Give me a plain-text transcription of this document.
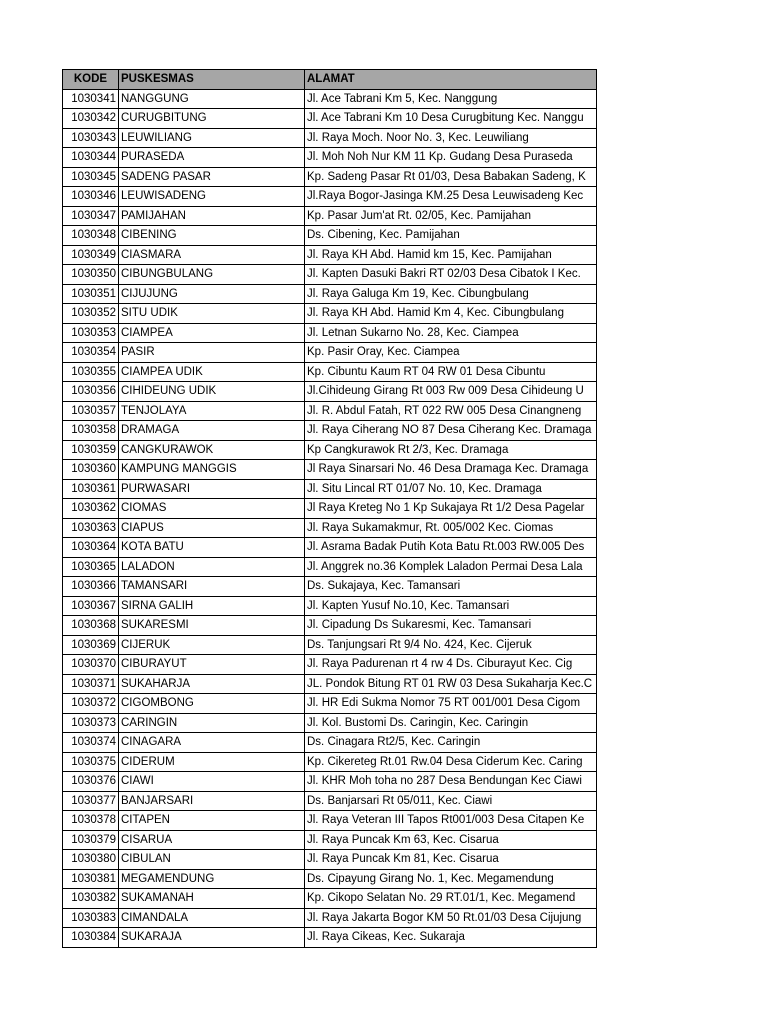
KODE	PUSKESMAS	ALAMAT
1030341	NANGGUNG	Jl. Ace Tabrani Km 5, Kec. Nanggung
1030342	CURUGBITUNG	Jl. Ace Tabrani Km 10 Desa Curugbitung Kec. Nanggu
1030343	LEUWILIANG	Jl. Raya Moch. Noor No. 3, Kec. Leuwiliang
1030344	PURASEDA	Jl. Moh Noh Nur KM 11 Kp. Gudang Desa Puraseda
1030345	SADENG PASAR	Kp. Sadeng Pasar Rt 01/03, Desa Babakan Sadeng, K
1030346	LEUWISADENG	Jl.Raya Bogor-Jasinga KM.25 Desa Leuwisadeng Kec
1030347	PAMIJAHAN	Kp. Pasar Jum'at Rt. 02/05, Kec. Pamijahan
1030348	CIBENING	Ds. Cibening, Kec. Pamijahan
1030349	CIASMARA	Jl. Raya KH Abd. Hamid km 15, Kec. Pamijahan
1030350	CIBUNGBULANG	Jl. Kapten Dasuki Bakri RT 02/03 Desa Cibatok I Kec.
1030351	CIJUJUNG	Jl. Raya Galuga Km 19, Kec. Cibungbulang
1030352	SITU UDIK	Jl. Raya KH Abd. Hamid Km 4, Kec. Cibungbulang
1030353	CIAMPEA	Jl. Letnan Sukarno No. 28, Kec. Ciampea
1030354	PASIR	Kp. Pasir Oray, Kec. Ciampea
1030355	CIAMPEA UDIK	Kp. Cibuntu Kaum RT 04 RW 01 Desa Cibuntu
1030356	CIHIDEUNG UDIK	Jl.Cihideung Girang Rt 003 Rw 009 Desa Cihideung U
1030357	TENJOLAYA	Jl. R. Abdul Fatah, RT 022 RW 005 Desa Cinangneng
1030358	DRAMAGA	Jl. Raya Ciherang NO 87 Desa Ciherang Kec. Dramaga
1030359	CANGKURAWOK	Kp Cangkurawok Rt 2/3, Kec. Dramaga
1030360	KAMPUNG MANGGIS	Jl Raya Sinarsari No. 46 Desa Dramaga Kec. Dramaga
1030361	PURWASARI	Jl. Situ Lincal RT 01/07 No. 10, Kec. Dramaga
1030362	CIOMAS	Jl Raya Kreteg No 1 Kp Sukajaya Rt 1/2 Desa Pagelar
1030363	CIAPUS	Jl. Raya Sukamakmur, Rt. 005/002 Kec. Ciomas
1030364	KOTA BATU	Jl. Asrama Badak Putih Kota Batu Rt.003 RW.005 Des
1030365	LALADON	Jl. Anggrek no.36 Komplek Laladon Permai Desa Lala
1030366	TAMANSARI	Ds. Sukajaya, Kec. Tamansari
1030367	SIRNA GALIH	Jl. Kapten Yusuf No.10, Kec. Tamansari
1030368	SUKARESMI	Jl. Cipadung Ds Sukaresmi, Kec. Tamansari
1030369	CIJERUK	Ds. Tanjungsari Rt 9/4 No. 424, Kec. Cijeruk
1030370	CIBURAYUT	Jl. Raya Padurenan rt 4 rw 4 Ds. Ciburayut Kec. Cig
1030371	SUKAHARJA	JL. Pondok Bitung RT 01 RW 03 Desa Sukaharja Kec.C
1030372	CIGOMBONG	Jl. HR Edi Sukma Nomor 75 RT 001/001 Desa Cigom
1030373	CARINGIN	Jl. Kol. Bustomi Ds. Caringin, Kec. Caringin
1030374	CINAGARA	Ds. Cinagara Rt2/5, Kec. Caringin
1030375	CIDERUM	Kp. Cikereteg Rt.01 Rw.04 Desa Ciderum Kec. Caring
1030376	CIAWI	Jl. KHR Moh toha no 287 Desa Bendungan Kec Ciawi
1030377	BANJARSARI	Ds. Banjarsari Rt 05/011, Kec. Ciawi
1030378	CITAPEN	Jl. Raya Veteran III Tapos Rt001/003 Desa Citapen Ke
1030379	CISARUA	Jl. Raya Puncak Km 63, Kec. Cisarua
1030380	CIBULAN	Jl. Raya Puncak Km 81, Kec. Cisarua
1030381	MEGAMENDUNG	Ds. Cipayung Girang No. 1, Kec. Megamendung
1030382	SUKAMANAH	Kp. Cikopo Selatan No. 29 RT.01/1, Kec. Megamend
1030383	CIMANDALA	Jl. Raya Jakarta Bogor KM 50 Rt.01/03 Desa Cijujung
1030384	SUKARAJA	Jl. Raya Cikeas, Kec. Sukaraja
